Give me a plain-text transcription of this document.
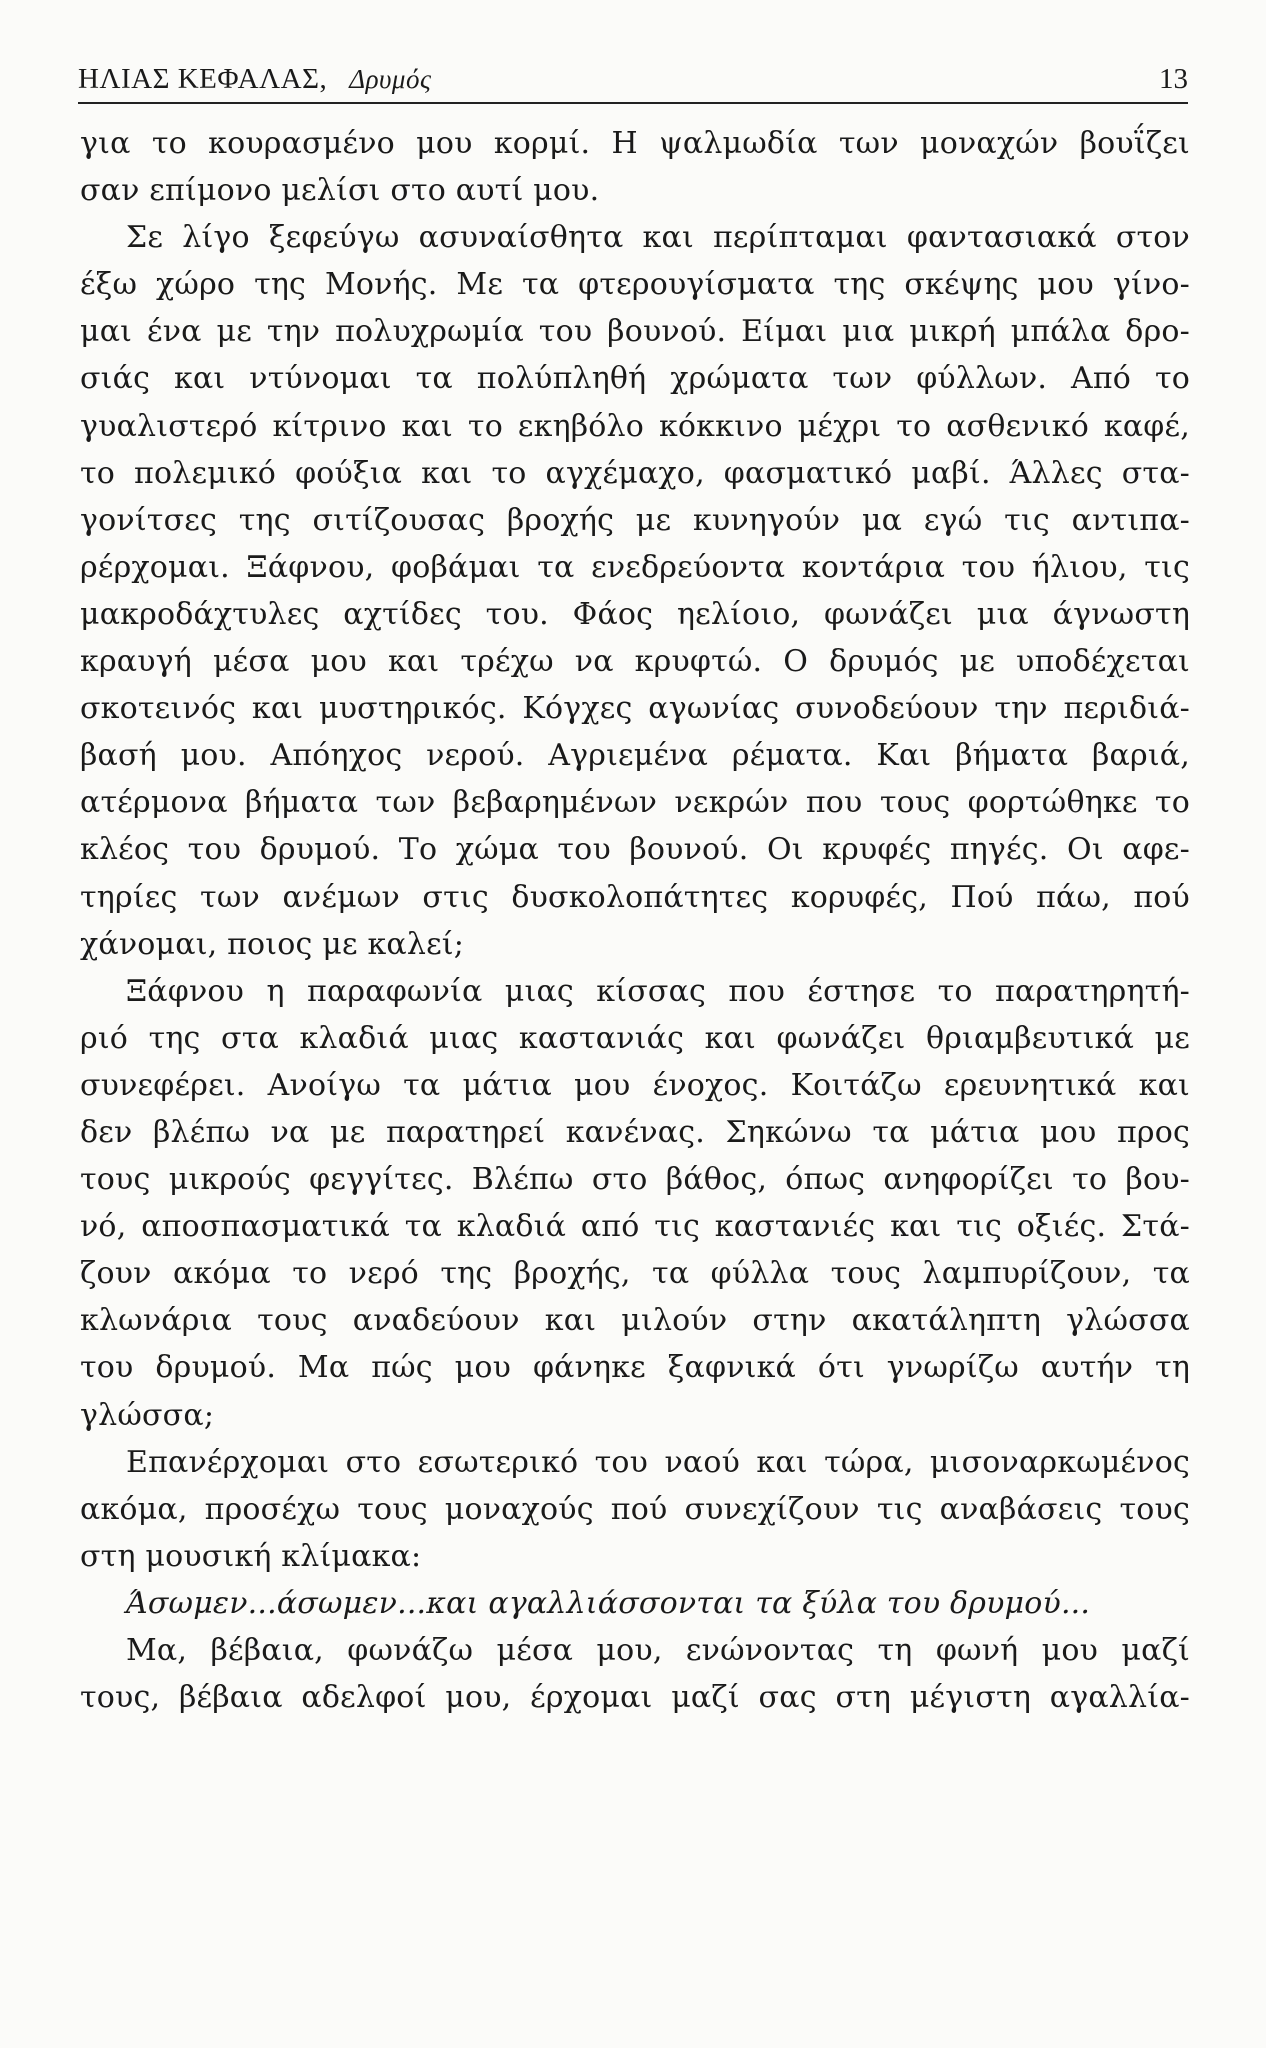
ΗΛΙΑΣ ΚΕΦΑΛΑΣ, Δρυμός	13
για το κουρασμένο μου κορμί. Η ψαλμωδία των μοναχών βουΐζει
σαν επίμονο μελίσι στο αυτί μου.
Σε λίγο ξεφεύγω ασυναίσθητα και περίπταμαι φαντασιακά στον
έξω χώρο της Μονής. Με τα φτερουγίσματα της σκέψης μου γίνο-
μαι ένα με την πολυχρωμία του βουνού. Είμαι μια μικρή μπάλα δρο-
σιάς και ντύνομαι τα πολύπληθή χρώματα των φύλλων. Από το
γυαλιστερό κίτρινο και το εκηβόλο κόκκινο μέχρι το ασθενικό καφέ,
το πολεμικό φούξια και το αγχέμαχο, φασματικό μαβί. Άλλες στα-
γονίτσες της σιτίζουσας βροχής με κυνηγούν μα εγώ τις αντιπα-
ρέρχομαι. Ξάφνου, φοβάμαι τα ενεδρεύοντα κοντάρια του ήλιου, τις
μακροδάχτυλες αχτίδες του. Φάος ηελίοιο, φωνάζει μια άγνωστη
κραυγή μέσα μου και τρέχω να κρυφτώ. Ο δρυμός με υποδέχεται
σκοτεινός και μυστηρικός. Κόγχες αγωνίας συνοδεύουν την περιδιά-
βασή μου. Απόηχος νερού. Αγριεμένα ρέματα. Και βήματα βαριά,
ατέρμονα βήματα των βεβαρημένων νεκρών που τους φορτώθηκε το
κλέος του δρυμού. Το χώμα του βουνού. Οι κρυφές πηγές. Οι αφε-
τηρίες των ανέμων στις δυσκολοπάτητες κορυφές, Πού πάω, πού
χάνομαι, ποιος με καλεί;
Ξάφνου η παραφωνία μιας κίσσας που έστησε το παρατηρητή-
ριό της στα κλαδιά μιας καστανιάς και φωνάζει θριαμβευτικά με
συνεφέρει. Ανοίγω τα μάτια μου ένοχος. Κοιτάζω ερευνητικά και
δεν βλέπω να με παρατηρεί κανένας. Σηκώνω τα μάτια μου προς
τους μικρούς φεγγίτες. Βλέπω στο βάθος, όπως ανηφορίζει το βου-
νό, αποσπασματικά τα κλαδιά από τις καστανιές και τις οξιές. Στά-
ζουν ακόμα το νερό της βροχής, τα φύλλα τους λαμπυρίζουν, τα
κλωνάρια τους αναδεύουν και μιλούν στην ακατάληπτη γλώσσα
του δρυμού. Μα πώς μου φάνηκε ξαφνικά ότι γνωρίζω αυτήν τη
γλώσσα;
Επανέρχομαι στο εσωτερικό του ναού και τώρα, μισοναρκωμένος
ακόμα, προσέχω τους μοναχούς πού συνεχίζουν τις αναβάσεις τους
στη μουσική κλίμακα:
Άσωμεν...άσωμεν...και αγαλλιάσσονται τα ξύλα του δρυμού...
Μα, βέβαια, φωνάζω μέσα μου, ενώνοντας τη φωνή μου μαζί
τους, βέβαια αδελφοί μου, έρχομαι μαζί σας στη μέγιστη αγαλλία-
